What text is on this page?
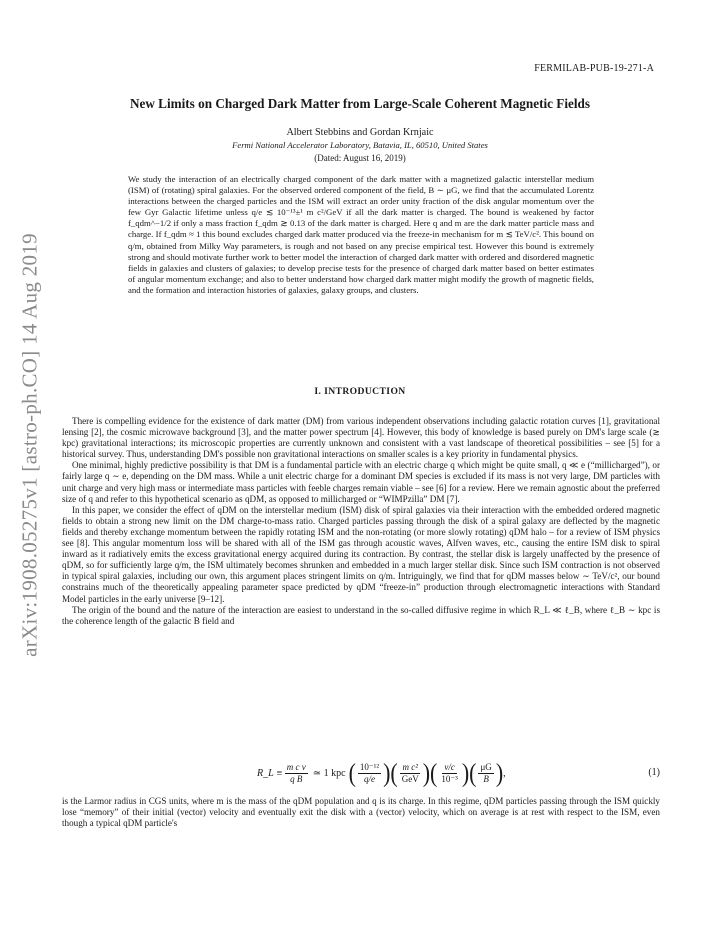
arXiv:1908.05275v1 [astro-ph.CO] 14 Aug 2019
FERMILAB-PUB-19-271-A
New Limits on Charged Dark Matter from Large-Scale Coherent Magnetic Fields
Albert Stebbins and Gordan Krnjaic
Fermi National Accelerator Laboratory, Batavia, IL, 60510, United States
(Dated: August 16, 2019)
We study the interaction of an electrically charged component of the dark matter with a magnetized galactic interstellar medium (ISM) of (rotating) spiral galaxies. For the observed ordered component of the field, B ∼ μG, we find that the accumulated Lorentz interactions between the charged particles and the ISM will extract an order unity fraction of the disk angular momentum over the few Gyr Galactic lifetime unless q/e ≲ 10⁻¹³±¹ m c²/GeV if all the dark matter is charged. The bound is weakened by factor f_qdm^−1/2 if only a mass fraction f_qdm ≳ 0.13 of the dark matter is charged. Here q and m are the dark matter particle mass and charge. If f_qdm ≈ 1 this bound excludes charged dark matter produced via the freeze-in mechanism for m ≲ TeV/c². This bound on q/m, obtained from Milky Way parameters, is rough and not based on any precise empirical test. However this bound is extremely strong and should motivate further work to better model the interaction of charged dark matter with ordered and disordered magnetic fields in galaxies and clusters of galaxies; to develop precise tests for the presence of charged dark matter based on better estimates of angular momentum exchange; and also to better understand how charged dark matter might modify the growth of magnetic fields, and the formation and interaction histories of galaxies, galaxy groups, and clusters.
I. INTRODUCTION

There is compelling evidence for the existence of dark matter (DM) from various independent observations including galactic rotation curves [1], gravitational lensing [2], the cosmic microwave background [3], and the matter power spectrum [4]. However, this body of knowledge is based purely on DM's large scale (≳ kpc) gravitational interactions; its microscopic properties are currently unknown and consistent with a vast landscape of theoretical possibilities – see [5] for a historical survey. Thus, understanding DM's possible non gravitational interactions on smaller scales is a key priority in fundamental physics.

One minimal, highly predictive possibility is that DM is a fundamental particle with an electric charge q which might be quite small, q ≪ e (“millicharged”), or fairly large q ∼ e, depending on the DM mass. While a unit electric charge for a dominant DM species is excluded if its mass is not very large, DM particles with unit charge and very high mass or intermediate mass particles with feeble charges remain viable – see [6] for a review. Here we remain agnostic about the preferred size of q and refer to this hypothetical scenario as qDM, as opposed to millicharged or “WIMPzilla” DM [7].

In this paper, we consider the effect of qDM on the interstellar medium (ISM) disk of spiral galaxies via their interaction with the embedded ordered magnetic fields to obtain a strong new limit on the DM charge-to-mass ratio. Charged particles passing through the disk of a spiral galaxy are deflected by the magnetic fields and thereby exchange momentum between the rapidly rotating ISM and the non-rotating (or more slowly rotating) qDM halo – for a review of ISM physics see [8]. This angular momentum loss will be shared with all of the ISM gas through acoustic waves, Alfven waves, etc., causing the entire ISM disk to spiral inward as it radiatively emits the excess gravitational energy acquired during its contraction. By contrast, the stellar disk is largely unaffected by the presence of qDM, so for sufficiently large q/m, the ISM ultimately becomes shrunken and embedded in a much larger stellar disk. Since such ISM contraction is not observed in typical spiral galaxies, including our own, this argument places stringent limits on q/m. Intriguingly, we find that for qDM masses below ∼ TeV/c², our bound constrains much of the theoretically appealing parameter space predicted by qDM “freeze-in” production through electromagnetic interactions with Standard Model particles in the early universe [9–12].

The origin of the bound and the nature of the interaction are easiest to understand in the so-called diffusive regime in which R_L ≪ ℓ_B, where ℓ_B ∼ kpc is the coherence length of the galactic B field and

R_L ≡ $\frac{\text{m c v}}{\text{q B}}$ ≃ 1 kpc ( $\frac{\text{10⁻¹²}}{q/e}$ ) ( $\frac{\text{m c²}}{\text{GeV}}$ ) ( $\frac{v/c}{\text{10⁻³}}$ ) ( $\frac{\mu G}{B}$ ) ,	(1)

is the Larmor radius in CGS units, where m is the mass of the qDM population and q is its charge. In this regime, qDM particles passing through the ISM quickly lose “memory” of their initial (vector) velocity and eventually exit the disk with a (vector) velocity, which on average is at rest with respect to the ISM, even though a typical qDM particle's
